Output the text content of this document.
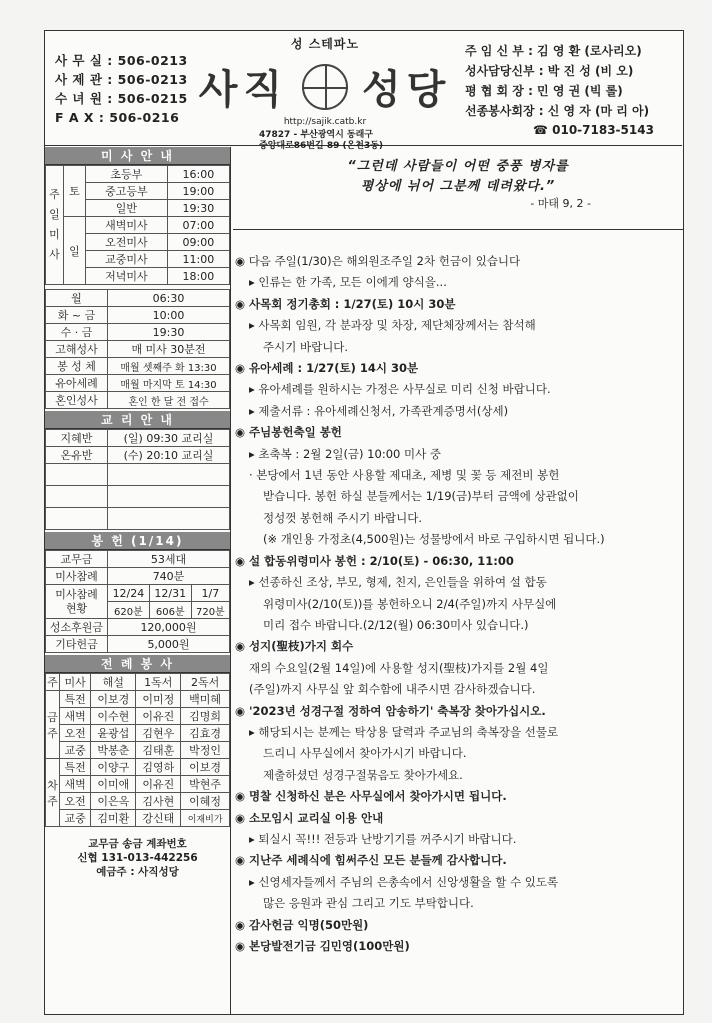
사 무 실 : 506-0213
사 제 관 : 506-0213
수 녀 원 : 506-0215
F A X : 506-0216
성 스테파노
사직 성당
http://sajik.catb.kr
47827 - 부산광역시 동래구
중앙대로86번길 89 (온천3동)
주 임 신 부 : 김 영 환 (로사리오)
성사담당신부 : 박 진 성 (비 오)
평 협 회 장 : 민 영 권 (빅 롤)
선종봉사회장 : 신 영 자 (마 리 아)
☎ 010-7183-5143
미 사 안 내
주일미사	토	초등부	16:00
		중고등부	19:00
		일반	19:30
	일	새벽미사	07:00
		오전미사	09:00
		교중미사	11:00
		저녁미사	18:00
월	06:30
화 ~ 금	10:00
수 · 금	19:30
고해성사	매 미사 30분전
봉 성 체	매월 셋째주 화 13:30
유아세례	매월 마지막 토 14:30
혼인성사	혼인 한 달 전 접수
교 리 안 내
지혜반	(일) 09:30 교리실
온유반	(수) 20:10 교리실

봉 헌 (1/14)
교무금	53세대		
미사참례	740분		
미사참례
현황	12/24	12/31	1/7
	620분	606분	720분
성소후원금	120,000원		
기타헌금	5,000원		
전 례 봉 사
주	미사	해설	1독서	2독서
금주	특전	이보경	이미정	백미혜
	새벽	이수현	이유진	김명희
	오전	윤광섭	김현우	김효경
	교중	박봉춘	김태훈	박정인
차주	특전	이양구	김영하	이보경
	새벽	이미애	이유진	박현주
	오전	이은옥	김사현	이혜정
	교중	김미환	강신태	이재비가
교무금 송금 계좌번호
신협 131-013-442256
예금주 : 사직성당
“그런데 사람들이 어떤 중풍 병자를
평상에 뉘어 그분께 데려왔다.”
- 마태 9, 2 -
◉ 다음 주일(1/30)은 해외원조주일 2차 헌금이 있습니다
▸ 인류는 한 가족, 모든 이에게 양식을...
◉ 사목회 정기총회 : 1/27(토) 10시 30분
▸ 사목회 임원, 각 분과장 및 차장, 제단체장께서는 참석해
주시기 바랍니다.
◉ 유아세례 : 1/27(토) 14시 30분
▸ 유아세례를 원하시는 가정은 사무실로 미리 신청 바랍니다.
▸ 제출서류 : 유아세례신청서, 가족관계증명서(상세)
◉ 주님봉헌축일 봉헌
▸ 초축복 : 2월 2일(금) 10:00 미사 중
· 본당에서 1년 동안 사용할 제대초, 제병 및 꽃 등 제전비 봉헌
받습니다. 봉헌 하실 분들께서는 1/19(금)부터 금액에 상관없이
정성껏 봉헌해 주시기 바랍니다.
(※ 개인용 가정초(4,500원)는 성물방에서 바로 구입하시면 됩니다.)
◉ 설 합동위령미사 봉헌 : 2/10(토) - 06:30, 11:00
▸ 선종하신 조상, 부모, 형제, 친지, 은인들을 위하여 설 합동
위령미사(2/10(토))를 봉헌하오니 2/4(주일)까지 사무실에
미리 접수 바랍니다.(2/12(월) 06:30미사 있습니다.)
◉ 성지(聖枝)가지 회수
재의 수요일(2월 14일)에 사용할 성지(聖枝)가지를 2월 4일
(주일)까지 사무실 앞 회수함에 내주시면 감사하겠습니다.
◉ '2023년 성경구절 정하여 암송하기' 축복장 찾아가십시오.
▸ 해당되시는 분께는 탁상용 달력과 주교님의 축복장을 선물로
드리니 사무실에서 찾아가시기 바랍니다.
제출하셨던 성경구절묶음도 찾아가세요.
◉ 명찰 신청하신 분은 사무실에서 찾아가시면 됩니다.
◉ 소모임시 교리실 이용 안내
▸ 퇴실시 꼭!!! 전등과 난방기기를 꺼주시기 바랍니다.
◉ 지난주 세례식에 힘써주신 모든 분들께 감사합니다.
▸ 신영세자들께서 주님의 은총속에서 신앙생활을 할 수 있도록
많은 응원과 관심 그리고 기도 부탁합니다.
◉ 감사헌금 익명(50만원)
◉ 본당발전기금 김민영(100만원)
